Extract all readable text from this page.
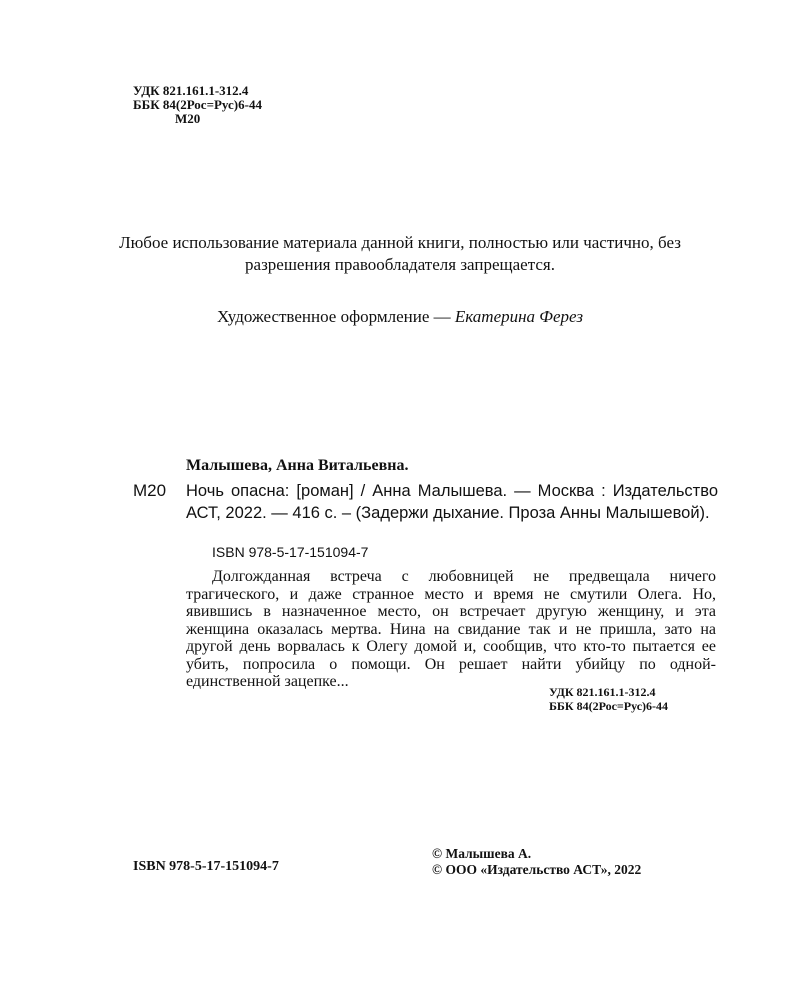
УДК 821.161.1-312.4
ББК 84(2Рос=Рус)6-44
М20
Любое использование материала данной книги, полностью или частично, без разрешения правообладателя запрещается.
Художественное оформление — Екатерина Ферез
Малышева, Анна Витальевна.
М20 Ночь опасна: [роман] / Анна Малышева. — Москва : Издательство АСТ, 2022. — 416 с. – (Задержи дыхание. Проза Анны Малышевой).
ISBN 978-5-17-151094-7
Долгожданная встреча с любовницей не предвещала ничего трагического, и даже странное место и время не смутили Олега. Но, явившись в назначенное место, он встречает другую женщину, и эта женщина оказалась мертва. Нина на свидание так и не пришла, зато на другой день ворвалась к Олегу домой и, сообщив, что кто-то пытается ее убить, попросила о помощи. Он решает найти убийцу по одной-единственной зацепке...
УДК 821.161.1-312.4
ББК 84(2Рос=Рус)6-44
ISBN 978-5-17-151094-7
© Малышева А.
© ООО «Издательство АСТ», 2022
